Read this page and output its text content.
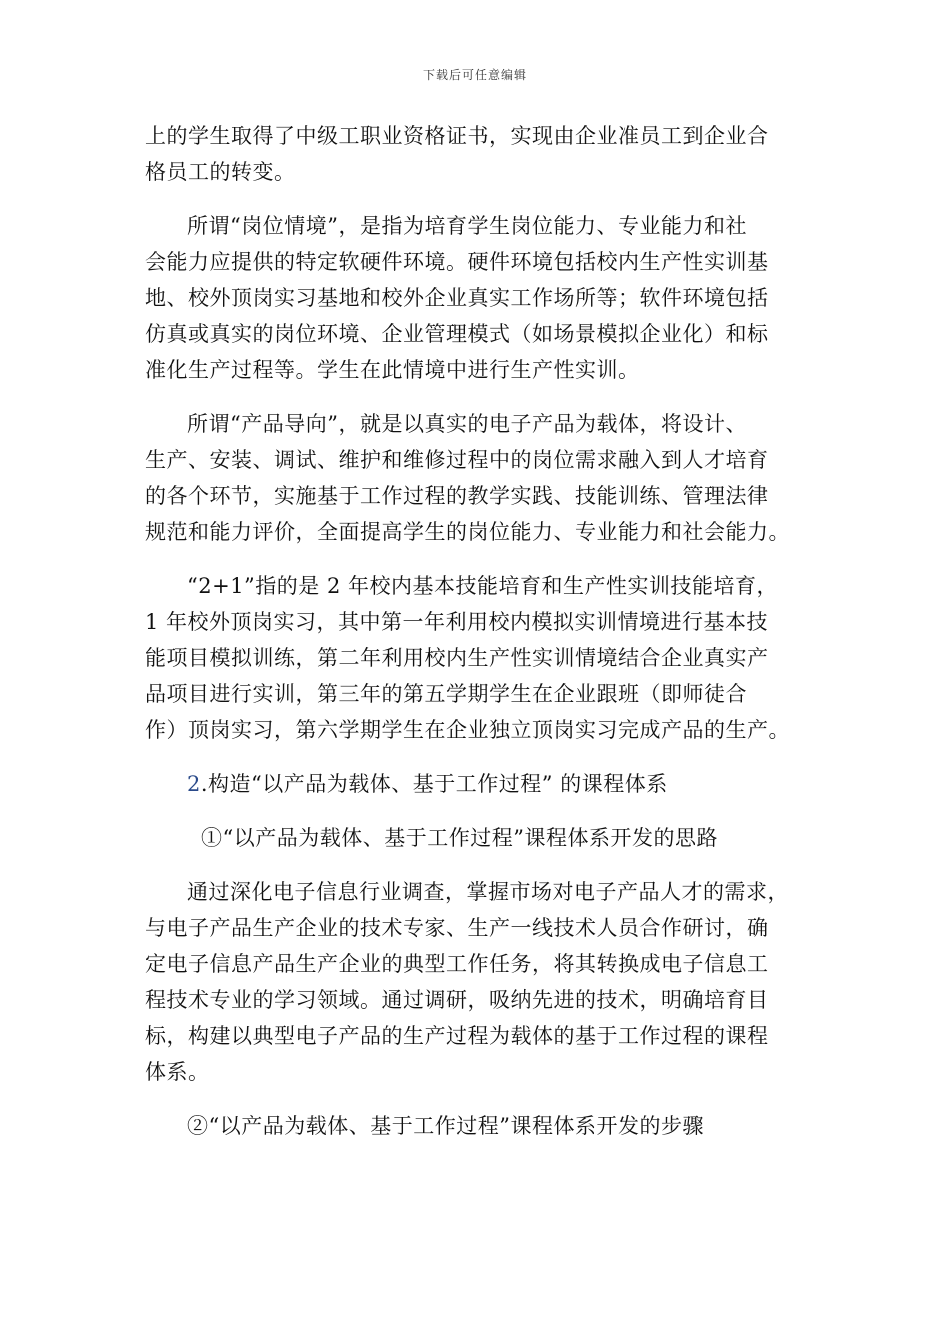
下载后可任意编辑
上的学生取得了中级工职业资格证书，实现由企业准员工到企业合
格员工的转变。
所谓“岗位情境”，是指为培育学生岗位能力、专业能力和社
会能力应提供的特定软硬件环境。硬件环境包括校内生产性实训基
地、校外顶岗实习基地和校外企业真实工作场所等；软件环境包括
仿真或真实的岗位环境、企业管理模式（如场景模拟企业化）和标
准化生产过程等。学生在此情境中进行生产性实训。
所谓“产品导向”，就是以真实的电子产品为载体，将设计、
生产、安装、调试、维护和维修过程中的岗位需求融入到人才培育
的各个环节，实施基于工作过程的教学实践、技能训练、管理法律
规范和能力评价，全面提高学生的岗位能力、专业能力和社会能力。
“2+1”指的是 2 年校内基本技能培育和生产性实训技能培育，
1 年校外顶岗实习，其中第一年利用校内模拟实训情境进行基本技
能项目模拟训练，第二年利用校内生产性实训情境结合企业真实产
品项目进行实训，第三年的第五学期学生在企业跟班（即师徒合
作）顶岗实习，第六学期学生在企业独立顶岗实习完成产品的生产。
2.构造“以产品为载体、基于工作过程” 的课程体系
①“以产品为载体、基于工作过程”课程体系开发的思路
通过深化电子信息行业调查，掌握市场对电子产品人才的需求，
与电子产品生产企业的技术专家、生产一线技术人员合作研讨，确
定电子信息产品生产企业的典型工作任务，将其转换成电子信息工
程技术专业的学习领域。通过调研，吸纳先进的技术，明确培育目
标，构建以典型电子产品的生产过程为载体的基于工作过程的课程
体系。
②“以产品为载体、基于工作过程”课程体系开发的步骤
